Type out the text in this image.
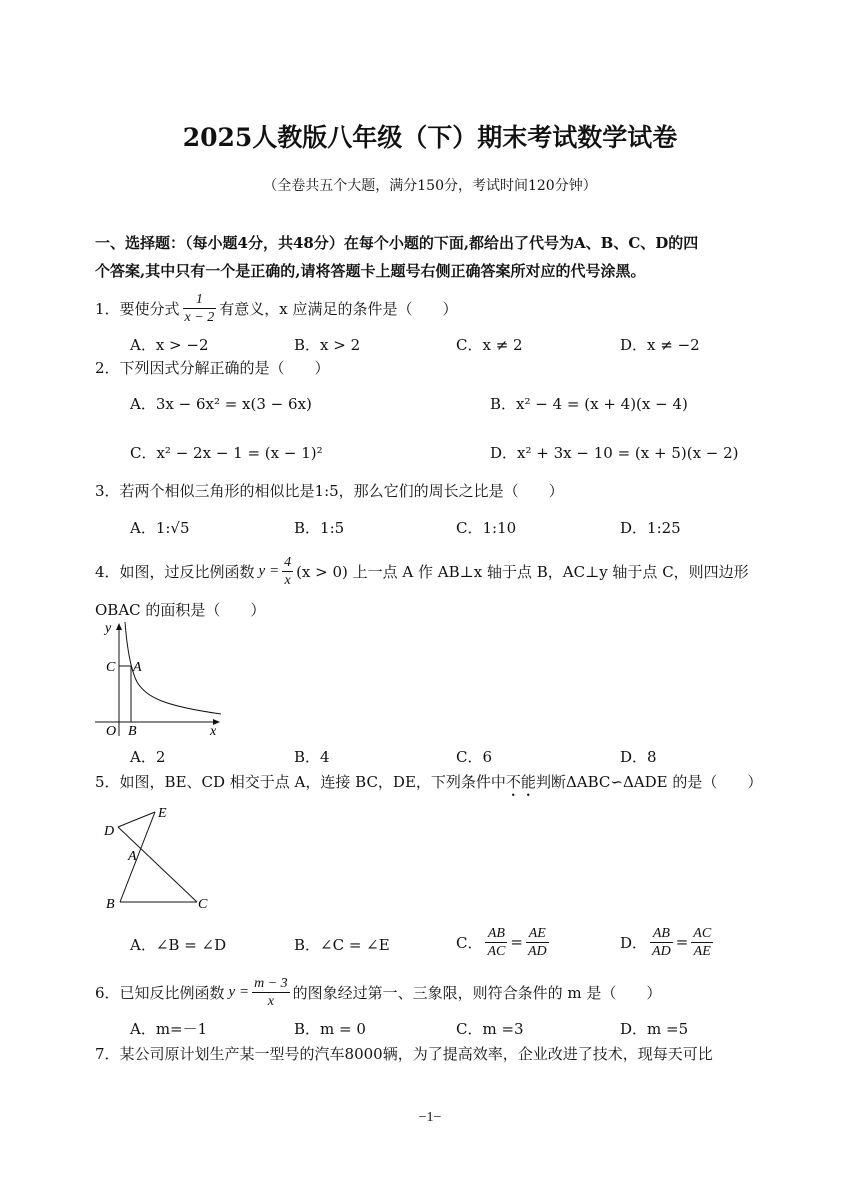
2025人教版八年级（下）期末考试数学试卷
（全卷共五个大题，满分150分，考试时间120分钟）
一、选择题：（每小题4分，共48分）在每个小题的下面,都给出了代号为A、B、C、D的四
个答案,其中只有一个是正确的,请将答题卡上题号右侧正确答案所对应的代号涂黑。
1．要使分式 $\frac{1}{x - 2}$ 有意义，x 应满足的条件是（　　）
A．x > −2	B．x > 2	C．x ≠ 2	D．x ≠ −2
2．下列因式分解正确的是（　　）
A．3x − 6x² = x(3 − 6x)	B．x² − 4 = (x + 4)(x − 4)
C．x² − 2x − 1 = (x − 1)²	D．x² + 3x − 10 = (x + 5)(x − 2)
3．若两个相似三角形的相似比是1:5，那么它们的周长之比是（　　）
A．1:√5	B．1:5	C．1:10	D．1:25
4．如图，过反比例函数 $y = \frac{4}{x} (x > 0)$ 上一点 A 作 AB⊥x 轴于点 B，AC⊥y 轴于点 C，则四边形
OBAC 的面积是（　　）
y
C A
O B	x
A．2	B．4	C．6	D．8
5．如图，BE、CD 相交于点 A，连接 BC，DE，下列条件中不能判断ΔABC∽ΔADE 的是（　　）
D
E
A
B	C
A．∠B = ∠D	B．∠C = ∠E	C． $\frac{AB}{AC} = \frac{AE}{AD}$	D． $\frac{AB}{AD} = \frac{AC}{AE}$
6．已知反比例函数 $y = \frac{m - 3}{x}$ 的图象经过第一、三象限，则符合条件的 m 是（　　）
A．m=－1	B．m = 0	C．m =3	D．m =5
7．某公司原计划生产某一型号的汽车8000辆，为了提高效率，企业改进了技术，现每天可比
−1−
